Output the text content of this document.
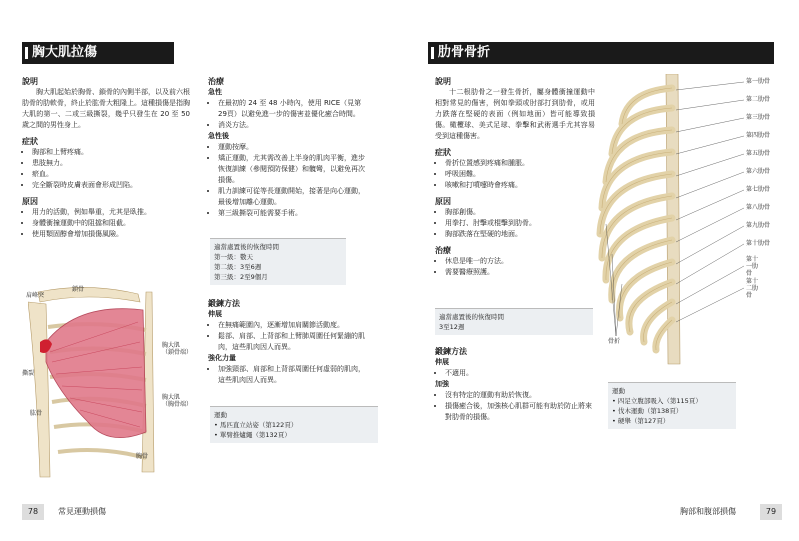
胸大肌拉傷
說明
胸大肌起始於胸骨、鎖骨的內側半部，以及前六根肋骨的肋軟骨，終止於肱骨大粗隆上。這種損傷是指胸大肌的第一、二或三級撕裂，幾乎只發生在 20 至 50 歲之間的男性身上。
症狀
• 胸部和上臂疼痛。
• 患肢無力。
• 瘀血。
• 完全斷裂時皮膚表面會形成凹陷。
原因
• 用力的活動，例如舉重，尤其是臥推。
• 身體衝撞運動中的阻擋和阻截。
• 使用類固醇會增加損傷風險。
治療
急性
• 在最初的 24 至 48 小時內，使用 RICE（見第 29頁）以避免進一步的傷害並優化癒合時間。
• 消炎方法。
急性後
• 運動按摩。
• 矯正運動，尤其需改善上半身的肌肉平衡，進步恢復訓練（參閱預防保健）和髖彎，以避免再次損傷。
• 肌力訓練可從等長運動開始，接著是向心運動，最後增加離心運動。
• 第三級撕裂可能需要手術。
適當處置後的恢復時間
第一級：數天
第二級：3至6週
第三級：2至9個月
鍛鍊方法
伸展
• 在無痛範圍內，逐漸增加肩關節活動度。
• 鬆部、肩部、上背部和上臂肺周圍任何緊繃的肌肉，這些肌肉因人而異。
強化力量
• 加強頸部、肩部和上背部周圍任何虛弱的肌肉，這些肌肉因人而異。
運動
• 馬匹直立站姿（第122頁）
• 單臂推爐繩（第132頁）
肩峰突
鎖骨
撕裂
肱骨
胸大肌
（鎖骨端）
胸大肌
（胸骨端）
胸骨
78	常見運動損傷
肋骨骨折
說明
十二根肋骨之一發生骨折，屬身體衝撞運動中相對常見的傷害，例如拳頭或肘部打到肋骨，或用力跌落在堅硬的表面（例如地面）皆可能導致損傷。橄欖球、美式足球、拳擊和武術選手尤其容易受到這種傷害。
症狀
• 骨折位置感到疼痛和腫脹。
• 呼吸困難。
• 咳嗽和打噴嚏時會疼痛。
原因
• 胸部創傷。
• 用拳打、肘擊或棍擊到肋骨。
• 胸部跌落在堅硬的地面。
治療
• 休息是唯一的方法。
• 需要醫療照護。
適當處置後的恢復時間
3至12週
鍛鍊方法
伸展
• 不適用。
加強
• 沒有特定的運動有助於恢復。
• 損傷癒合後，加強核心肌群可能有助於防止將來對肋骨的損傷。
運動
• 四足立腹部吸入（第115頁）
• 伐木運動（第138頁）
• 硬舉（第127頁）
第一肋骨
第二肋骨
第三肋骨
第四肋骨
第五肋骨
第六肋骨
第七肋骨
第八肋骨
第九肋骨
第十肋骨
第十一肋骨
第十二肋骨
骨折
胸部和腹部損傷	79
